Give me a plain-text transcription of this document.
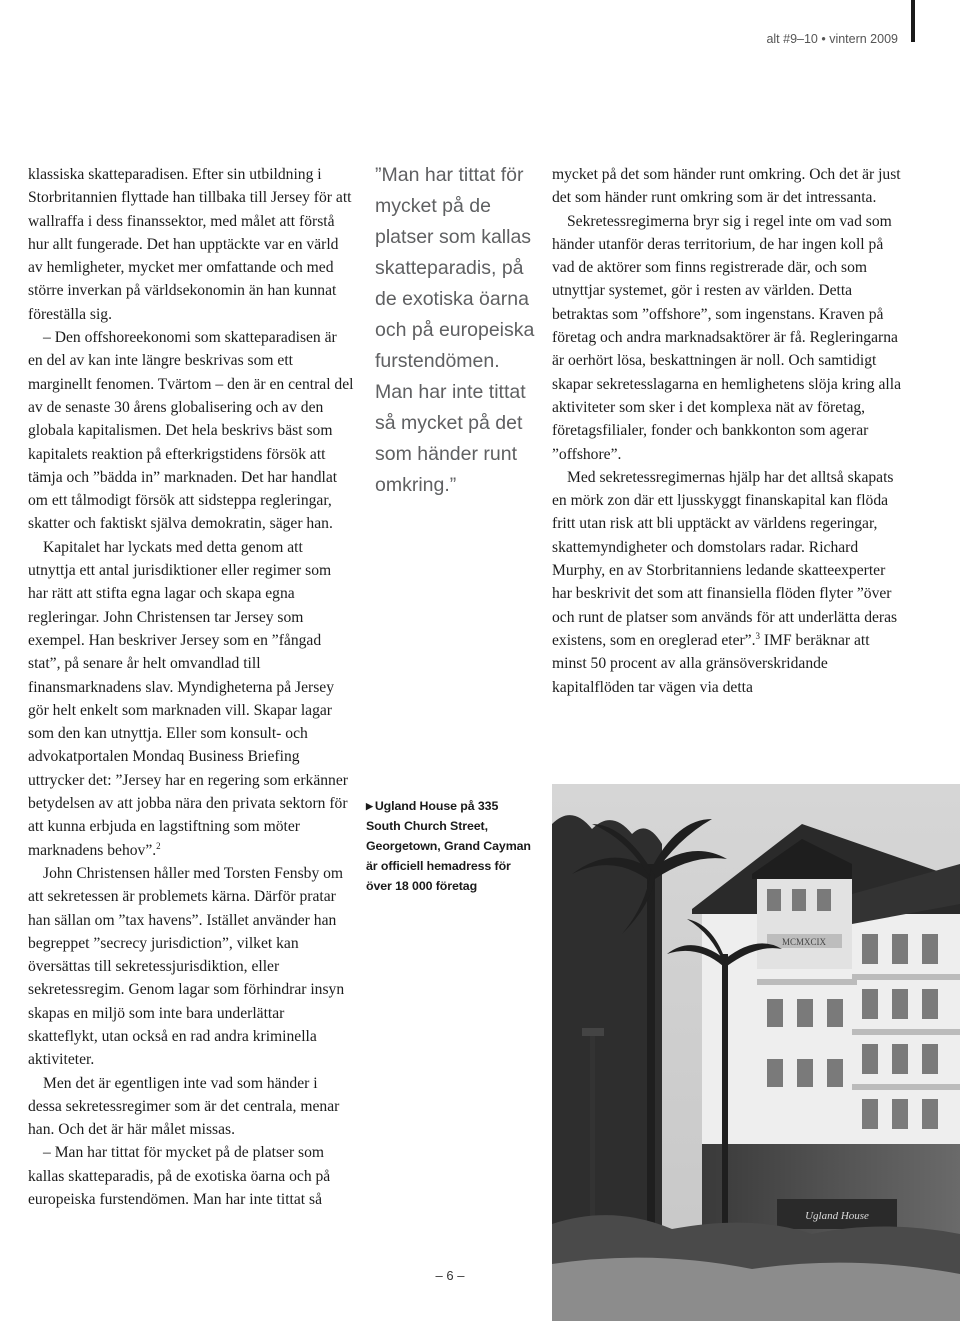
alt #9–10 • vintern 2009

klassiska skatteparadisen. Efter sin utbildning i Storbritannien flyttade han tillbaka till Jersey för att wallraffa i dess finanssektor, med målet att förstå hur allt fungerade. Det han upptäckte var en värld av hemligheter, mycket mer omfattande och med större inverkan på världsekonomin än han kunnat föreställa sig.

– Den offshoreekonomi som skatteparadisen är en del av kan inte längre beskrivas som ett marginellt fenomen. Tvärtom – den är en central del av de senaste 30 årens globalisering och av den globala kapitalismen. Det hela beskrivs bäst som kapitalets reaktion på efterkrigstidens försök att tämja och ”bädda in” marknaden. Det har handlat om ett tålmodigt försök att sidsteppa regleringar, skatter och faktiskt själva demokratin, säger han.

Kapitalet har lyckats med detta genom att utnyttja ett antal jurisdiktioner eller regimer som har rätt att stifta egna lagar och skapa egna regleringar. John Christensen tar Jersey som exempel. Han beskriver Jersey som en ”fångad stat”, på senare år helt omvandlad till finansmarknadens slav. Myndigheterna på Jersey gör helt enkelt som marknaden vill. Skapar lagar som den kan utnyttja. Eller som konsult- och advokatportalen Mondaq Business Briefing uttrycker det: ”Jersey har en regering som erkänner betydelsen av att jobba nära den privata sektorn för att kunna erbjuda en lagstiftning som möter marknadens behov”.$^2$

John Christensen håller med Torsten Fensby om att sekretessen är problemets kärna. Därför pratar han sällan om ”tax havens”. Istället använder han begreppet ”secrecy jurisdiction”, vilket kan översättas till sekretessjurisdiktion, eller sekretessregim. Genom lagar som förhindrar insyn skapas en miljö som inte bara underlättar skatteflykt, utan också en rad andra kriminella aktiviteter.

Men det är egentligen inte vad som händer i dessa sekretessregimer som är det centrala, menar han. Och det är här målet missas.

– Man har tittat för mycket på de platser som kallas skatteparadis, på de exotiska öarna och på europeiska furstendömen. Man har inte tittat så

”Man har tittat för mycket på de platser som kallas skatteparadis, på de exotiska öarna och på europeiska furstendömen. Man har inte tittat så mycket på det som händer runt omkring.”
▶ Ugland House på 335 South Church Street, Georgetown, Grand Cayman är officiell hemadress för över 18 000 företag

mycket på det som händer runt omkring. Och det är just det som händer runt omkring som är det intressanta.

Sekretessregimerna bryr sig i regel inte om vad som händer utanför deras territorium, de har ingen koll på vad de aktörer som finns registrerade där, och som utnyttjar systemet, gör i resten av världen. Detta betraktas som ”offshore”, som ingenstans. Kraven på företag och andra marknadsaktörer är få. Regleringarna är oerhört lösa, beskattningen är noll. Och samtidigt skapar sekretesslagarna en hemlighetens slöja kring alla aktiviteter som sker i det komplexa nät av företag, företagsfilialer, fonder och bankkonton som agerar ”offshore”.

Med sekretessregimernas hjälp har det alltså skapats en mörk zon där ett ljusskyggt finanskapital kan flöda fritt utan risk att bli upptäckt av världens regeringar, skattemyndigheter och domstolars radar. Richard Murphy, en av Storbritanniens ledande skatteexperter har beskrivit det som att finansiella flöden flyter ”över och runt de platser som används för att underlätta deras existens, som en oreglerad eter”.$^3$ IMF beräknar att minst 50 procent av alla gränsöverskridande kapitalflöden tar vägen via detta

MCMXCIX
Ugland House
– 6 –
